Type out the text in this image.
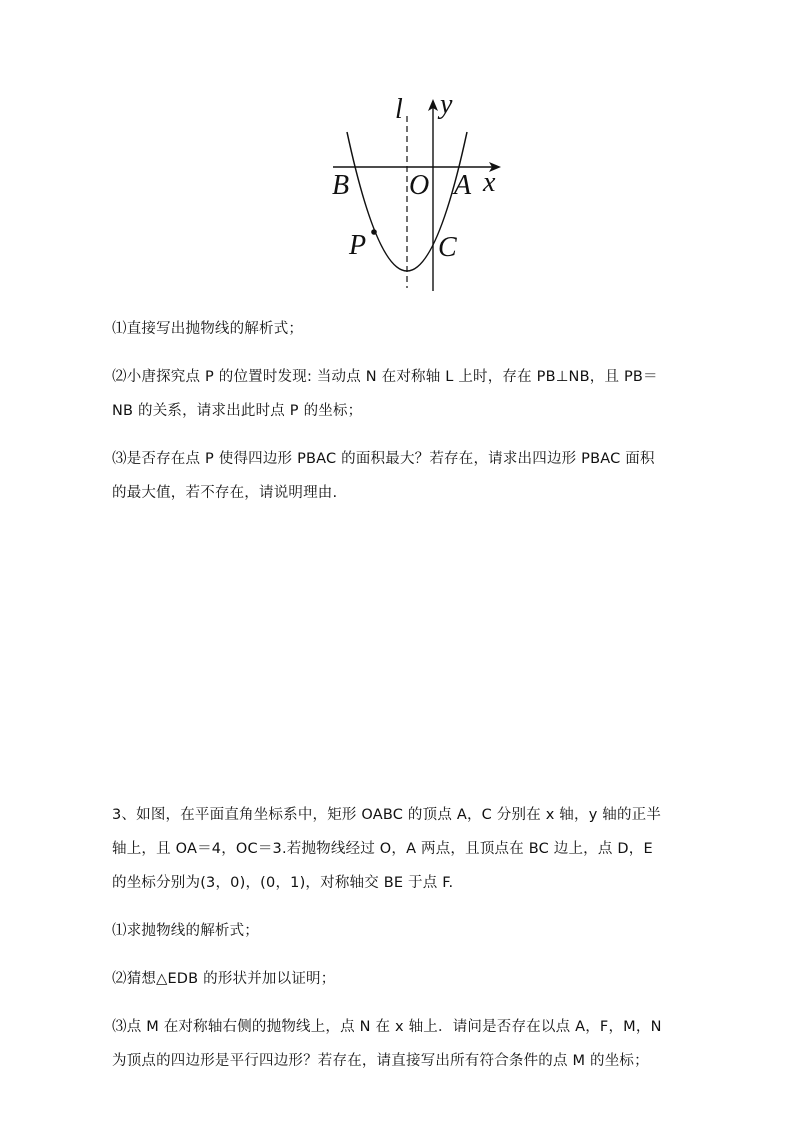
l y
x
B O A
P	C
⑴直接写出抛物线的解析式；
⑵小唐探究点 P 的位置时发现: 当动点 N 在对称轴 L 上时，存在 PB⊥NB，且 PB＝
NB 的关系，请求出此时点 P 的坐标；
⑶是否存在点 P 使得四边形 PBAC 的面积最大？若存在，请求出四边形 PBAC 面积
的最大值，若不存在，请说明理由.
3、如图，在平面直角坐标系中，矩形 OABC 的顶点 A，C 分别在 x 轴，y 轴的正半
轴上，且 OA＝4，OC＝3.若抛物线经过 O，A 两点，且顶点在 BC 边上，点 D，E
的坐标分别为(3，0)，(0，1)，对称轴交 BE 于点 F.
⑴求抛物线的解析式；
⑵猜想△EDB 的形状并加以证明；
⑶点 M 在对称轴右侧的抛物线上，点 N 在 x 轴上．请问是否存在以点 A，F，M，N
为顶点的四边形是平行四边形？若存在，请直接写出所有符合条件的点 M 的坐标；
